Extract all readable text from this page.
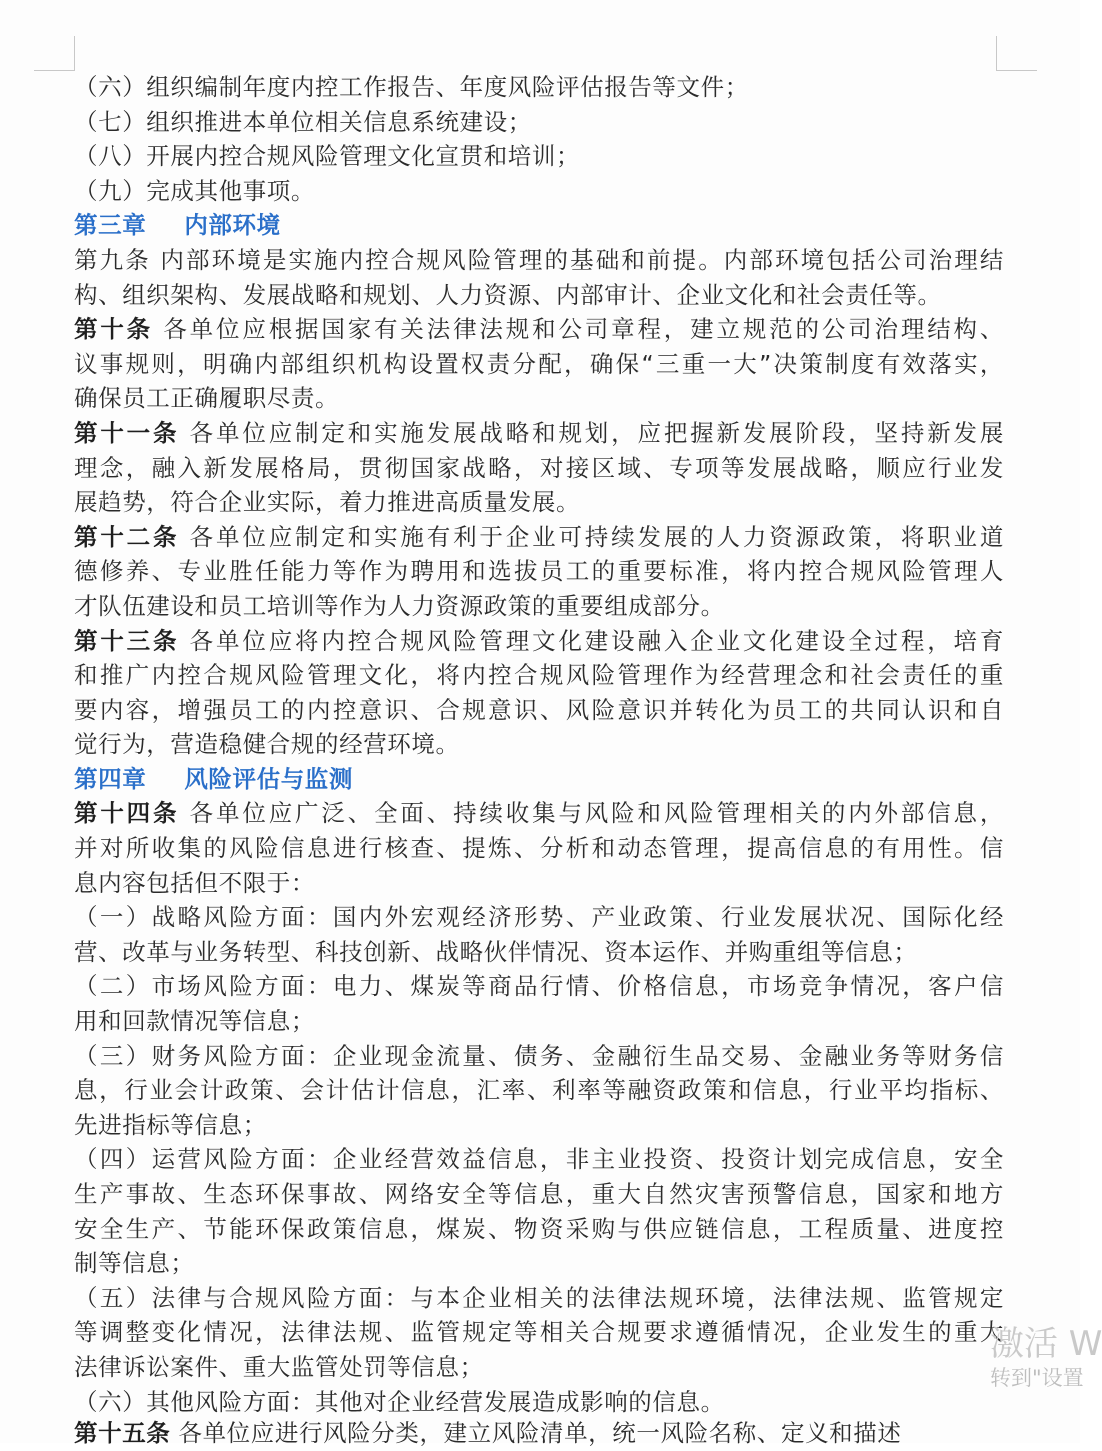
（六）组织编制年度内控工作报告、年度风险评估报告等文件；
（七）组织推进本单位相关信息系统建设；
（八）开展内控合规风险管理文化宣贯和培训；
（九）完成其他事项。
第三章 内部环境
第九条 内部环境是实施内控合规风险管理的基础和前提。内部环境包括公司治理结
构、组织架构、发展战略和规划、人力资源、内部审计、企业文化和社会责任等。
第十条 各单位应根据国家有关法律法规和公司章程，建立规范的公司治理结构、
议事规则，明确内部组织机构设置权责分配，确保“三重一大”决策制度有效落实，
确保员工正确履职尽责。
第十一条 各单位应制定和实施发展战略和规划，应把握新发展阶段，坚持新发展
理念，融入新发展格局，贯彻国家战略，对接区域、专项等发展战略，顺应行业发
展趋势，符合企业实际，着力推进高质量发展。
第十二条 各单位应制定和实施有利于企业可持续发展的人力资源政策，将职业道
德修养、专业胜任能力等作为聘用和选拔员工的重要标准，将内控合规风险管理人
才队伍建设和员工培训等作为人力资源政策的重要组成部分。
第十三条 各单位应将内控合规风险管理文化建设融入企业文化建设全过程，培育
和推广内控合规风险管理文化，将内控合规风险管理作为经营理念和社会责任的重
要内容，增强员工的内控意识、合规意识、风险意识并转化为员工的共同认识和自
觉行为，营造稳健合规的经营环境。
第四章 风险评估与监测
第十四条 各单位应广泛、全面、持续收集与风险和风险管理相关的内外部信息，
并对所收集的风险信息进行核查、提炼、分析和动态管理，提高信息的有用性。信
息内容包括但不限于：
（一）战略风险方面：国内外宏观经济形势、产业政策、行业发展状况、国际化经
营、改革与业务转型、科技创新、战略伙伴情况、资本运作、并购重组等信息；
（二）市场风险方面：电力、煤炭等商品行情、价格信息，市场竞争情况，客户信
用和回款情况等信息；
（三）财务风险方面：企业现金流量、债务、金融衍生品交易、金融业务等财务信
息，行业会计政策、会计估计信息，汇率、利率等融资政策和信息，行业平均指标、
先进指标等信息；
（四）运营风险方面：企业经营效益信息，非主业投资、投资计划完成信息，安全
生产事故、生态环保事故、网络安全等信息，重大自然灾害预警信息，国家和地方
安全生产、节能环保政策信息，煤炭、物资采购与供应链信息，工程质量、进度控
制等信息；
（五）法律与合规风险方面：与本企业相关的法律法规环境，法律法规、监管规定
等调整变化情况，法律法规、监管规定等相关合规要求遵循情况，企业发生的重大
法律诉讼案件、重大监管处罚等信息；
（六）其他风险方面：其他对企业经营发展造成影响的信息。
第十五条 各单位应进行风险分类，建立风险清单，统一风险名称、定义和描述
激活 W
转到"设置
